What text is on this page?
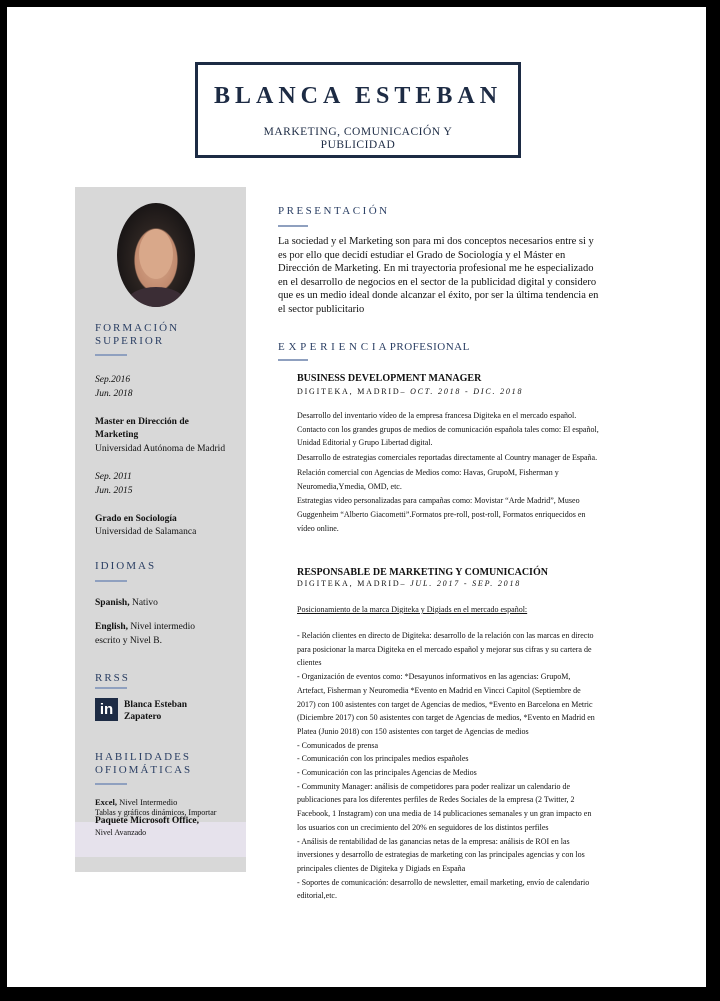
BLANCA ESTEBAN
MARKETING, COMUNICACIÓN Y PUBLICIDAD
FORMACIÓN
SUPERIOR
Sep.2016
Jun. 2018
Master en Dirección de
Marketing
Universidad Autónoma de Madrid
Sep. 2011
Jun. 2015
Grado en Sociología
Universidad de Salamanca
IDIOMAS
Spanish, Nativo
English, Nivel intermedio
escrito y Nivel B.
RRSS
in	Blanca Esteban
Zapatero
HABILIDADES
OFIOMÁTICAS
Excel, Nivel Intermedio
Tablas y gráficos dinámicos, Importar
Paquete Microsoft Office,
Nivel Avanzado
PRESENTACIÓN
La sociedad y el Marketing son para mi dos conceptos necesarios entre si y
es por ello que decidí estudiar el Grado de Sociología y el Máster en
Dirección de Marketing. En mi trayectoria profesional me he especializado
en el desarrollo de negocios en el sector de la publicidad digital y considero
que es un medio ideal donde alcanzar el éxito, por ser la última tendencia en
el sector publicitario
E X P E R I E N C I A PROFESIONAL
BUSINESS DEVELOPMENT MANAGER
DIGITEKA, MADRID– OCT. 2018 - DIC. 2018
Desarrollo del inventario vídeo de la empresa francesa Digiteka en el mercado español.
Contacto con los grandes grupos de medios de comunicación española tales como: El español,
Unidad Editorial y Grupo Libertad digital.
Desarrollo de estrategias comerciales reportadas directamente al Country manager de España.
Relación comercial con Agencias de Medios como: Havas, GrupoM, Fisherman y
Neuromedia,Ymedia, OMD, etc.
Estrategias video personalizadas para campañas como: Movistar “Arde Madrid”, Museo
Guggenheim “Alberto Giacometti”.Formatos pre-roll, post-roll, Formatos enriquecidos en
vídeo online.
RESPONSABLE DE MARKETING Y COMUNICACIÓN
DIGITEKA, MADRID– JUL. 2017 - SEP. 2018
Posicionamiento de la marca Digiteka y Digiads en el mercado español:
- Relación clientes en directo de Digiteka: desarrollo de la relación con las marcas en directo
para posicionar la marca Digiteka en el mercado español y mejorar sus cifras y su cartera de
clientes
- Organización de eventos como: *Desayunos informativos en las agencias: GrupoM,
Artefact, Fisherman y Neuromedia *Evento en Madrid en Vincci Capitol (Septiembre de
2017) con 100 asistentes con target de Agencias de medios, *Evento en Barcelona en Metric
(Diciembre 2017) con 50 asistentes con target de Agencias de medios, *Evento en Madrid en
Platea (Junio 2018) con 150 asistentes con target de Agencias de medios
- Comunicados de prensa
- Comunicación con los principales medios españoles
- Comunicación con las principales Agencias de Medios
- Community Manager: análisis de competidores para poder realizar un calendario de
publicaciones para los diferentes perfiles de Redes Sociales de la empresa (2 Twitter, 2
Facebook, 1 Instagram) con una media de 14 publicaciones semanales y un gran impacto en
los usuarios con un crecimiento del 20% en seguidores de los distintos perfiles
- Análisis de rentabilidad de las ganancias netas de la empresa: análisis de ROI en las
inversiones y desarrollo de estrategias de marketing con las principales agencias y con los
principales clientes de Digiteka y Digiads en España
- Soportes de comunicación: desarrollo de newsletter, email marketing, envío de calendario
editorial,etc.
